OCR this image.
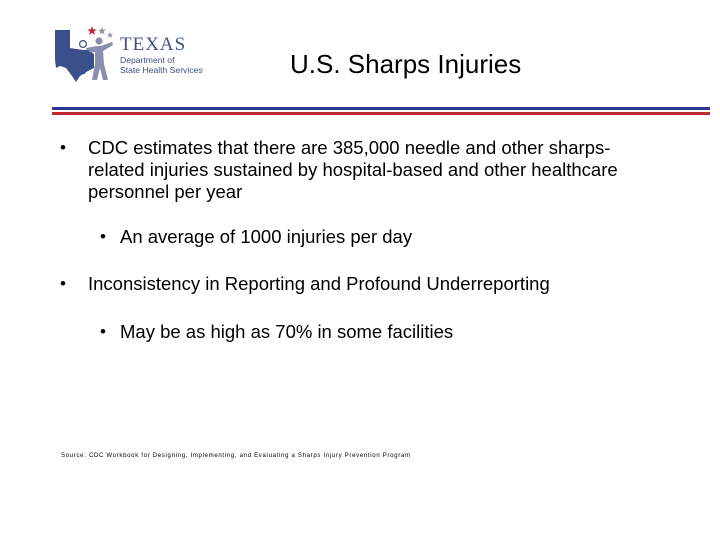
TEXAS
Department of
State Health Services	U.S. Sharps Injuries
•	CDC estimates that there are 385,000 needle and other sharps-related injuries sustained by hospital-based and other healthcare personnel per year
• An average of 1000 injuries per day
•	Inconsistency in Reporting and Profound Underreporting
• May be as high as 70% in some facilities
Source: CDC Workbook for Designing, Implementing, and Evaluating a Sharps Injury Prevention Program
